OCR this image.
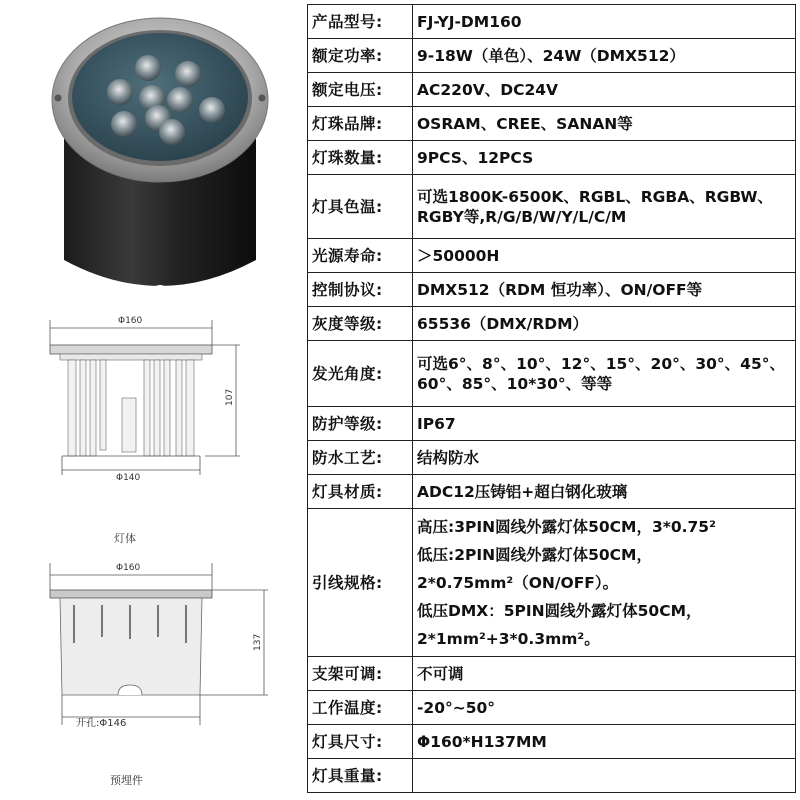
Φ160
Φ140
107
灯体
Φ160
137
开孔:Φ146
预埋件
产品型号:	FJ-YJ-DM160
额定功率:	9-18W（单色）、24W（DMX512）
额定电压:	AC220V、DC24V
灯珠品牌:	OSRAM、CREE、SANAN等
灯珠数量:	9PCS、12PCS
灯具色温:	可选1800K-6500K、RGBL、RGBA、RGBW、RGBY等,R/G/B/W/Y/L/C/M
光源寿命:	＞50000H
控制协议:	DMX512（RDM 恒功率）、ON/OFF等
灰度等级:	65536（DMX/RDM）
发光角度:	可选6°、8°、10°、12°、15°、20°、30°、45°、60°、85°、10*30°、等等
防护等级:	IP67
防水工艺:	结构防水
灯具材质:	ADC12压铸铝+超白钢化玻璃
引线规格:	高压:3PIN圆线外露灯体50CM，3*0.75²
低压:2PIN圆线外露灯体50CM，
2*0.75mm²（ON/OFF）。
低压DMX：5PIN圆线外露灯体50CM，
2*1mm²+3*0.3mm²。

支架可调:	不可调
工作温度:	-20°~50°
灯具尺寸:	Φ160*H137MM
灯具重量:	
